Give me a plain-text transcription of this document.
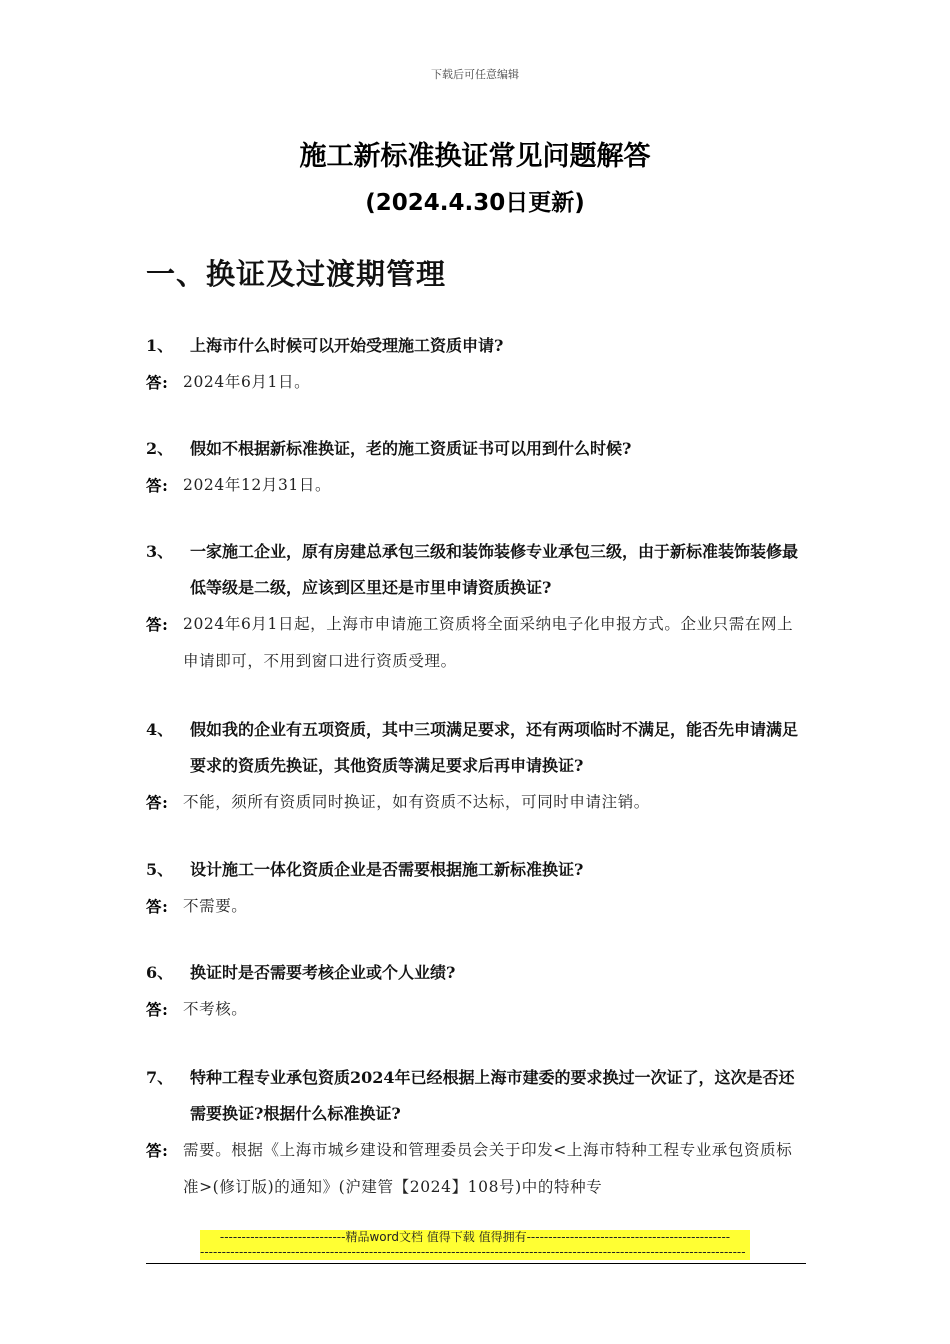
下载后可任意编辑
施工新标准换证常见问题解答
(2024.4.30日更新)
一、换证及过渡期管理
1、 上海市什么时候可以开始受理施工资质申请?
答: 2024年6月1日。
2、 假如不根据新标准换证，老的施工资质证书可以用到什么时候?
答: 2024年12月31日。
3、 一家施工企业，原有房建总承包三级和装饰装修专业承包三级，由于新标准装饰装修最低等级是二级，应该到区里还是市里申请资质换证?
答: 2024年6月1日起，上海市申请施工资质将全面采纳电子化申报方式。企业只需在网上申请即可，不用到窗口进行资质受理。
4、 假如我的企业有五项资质，其中三项满足要求，还有两项临时不满足，能否先申请满足要求的资质先换证，其他资质等满足要求后再申请换证?
答: 不能，须所有资质同时换证，如有资质不达标，可同时申请注销。
5、 设计施工一体化资质企业是否需要根据施工新标准换证?
答: 不需要。
6、 换证时是否需要考核企业或个人业绩?
答: 不考核。
7、 特种工程专业承包资质2024年已经根据上海市建委的要求换过一次证了，这次是否还需要换证?根据什么标准换证?
答: 需要。根据《上海市城乡建设和管理委员会关于印发<上海市特种工程专业承包资质标准>(修订版)的通知》(沪建管【2024】108号)中的特种专
-----------------------------精品word文档 值得下载 值得拥有-----------------------------------------------
------------------------------------------------------------------------------------------------------------------------------
